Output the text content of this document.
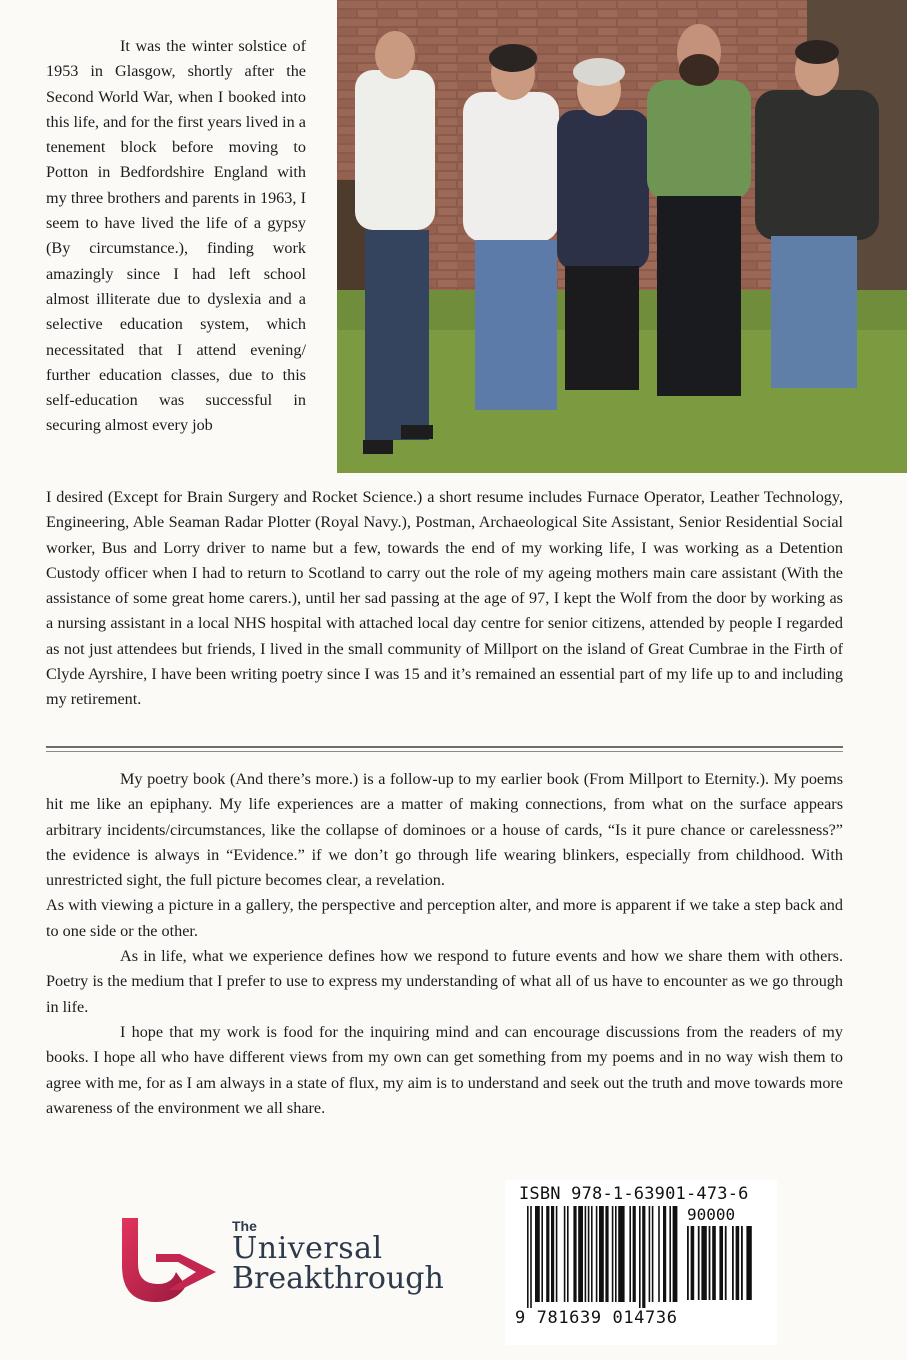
It was the winter solstice of 1953 in Glasgow, shortly after the Second World War, when I booked into this life, and for the first years lived in a tenement block before moving to Potton in Bedfordshire England with my three brothers and parents in 1963, I seem to have lived the life of a gypsy (By circumstance.), finding work amazingly since I had left school almost illiterate due to dyslexia and a selective education system, which necessitated that I attend evening/ further education classes, due to this self-education was successful in securing almost every job

I desired (Except for Brain Surgery and Rocket Science.) a short resume includes Furnace Operator, Leather Technology, Engineering, Able Seaman Radar Plotter (Royal Navy.), Postman, Archaeological Site Assistant, Senior Residential Social worker, Bus and Lorry driver to name but a few, towards the end of my working life, I was working as a Detention Custody officer when I had to return to Scotland to carry out the role of my ageing mothers main care assistant (With the assistance of some great home carers.), until her sad passing at the age of 97, I kept the Wolf from the door by working as a nursing assistant in a local NHS hospital with attached local day centre for senior citizens, attended by people I regarded as not just attendees but friends, I lived in the small community of Millport on the island of Great Cumbrae in the Firth of Clyde Ayrshire, I have been writing poetry since I was 15 and it’s remained an essential part of my life up to and including my retirement.

My poetry book (And there’s more.) is a follow-up to my earlier book (From Millport to Eternity.). My poems hit me like an epiphany. My life experiences are a matter of making connections, from what on the surface appears arbitrary incidents/circumstances, like the collapse of dominoes or a house of cards, “Is it pure chance or carelessness?” the evidence is always in “Evidence.” if we don’t go through life wearing blinkers, especially from childhood. With unrestricted sight, the full picture becomes clear, a revelation.

As with viewing a picture in a gallery, the perspective and perception alter, and more is apparent if we take a step back and to one side or the other.

As in life, what we experience defines how we respond to future events and how we share them with others. Poetry is the medium that I prefer to use to express my understanding of what all of us have to encounter as we go through in life.

I hope that my work is food for the inquiring mind and can encourage discussions from the readers of my books. I hope all who have different views from my own can get something from my poems and in no way wish them to agree with me, for as I am always in a state of flux, my aim is to understand and seek out the truth and move towards more awareness of the environment we all share.

The
Universal
Breakthrough
ISBN 978-1-63901-473-6
90000
9 781639 014736
